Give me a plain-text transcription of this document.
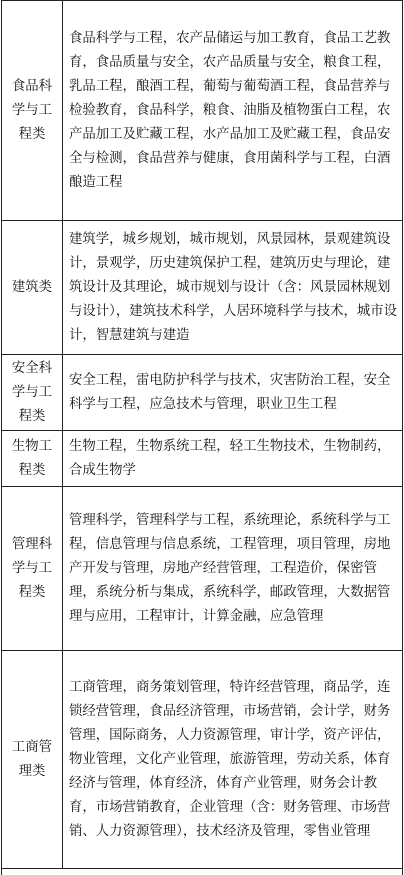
食品科学与工程类	食品科学与工程，农产品储运与加工教育，食品工艺教育，食品质量与安全，农产品质量与安全，粮食工程，乳品工程，酿酒工程，葡萄与葡萄酒工程，食品营养与检验教育，食品科学，粮食、油脂及植物蛋白工程，农产品加工及贮藏工程，水产品加工及贮藏工程，食品安全与检测，食品营养与健康，食用菌科学与工程，白酒酿造工程

建筑类	建筑学，城乡规划，城市规划，风景园林，景观建筑设计，景观学，历史建筑保护工程，建筑历史与理论，建筑设计及其理论，城市规划与设计（含：风景园林规划与设计），建筑技术科学，人居环境科学与技术，城市设计，智慧建筑与建造

安全科学与工程类	安全工程，雷电防护科学与技术，灾害防治工程，安全科学与工程，应急技术与管理，职业卫生工程

生物工程类	生物工程，生物系统工程，轻工生物技术，生物制药，合成生物学

管理科学与工程类	管理科学，管理科学与工程，系统理论，系统科学与工程，信息管理与信息系统，工程管理，项目管理，房地产开发与管理，房地产经营管理，工程造价，保密管理，系统分析与集成，系统科学，邮政管理，大数据管理与应用，工程审计，计算金融，应急管理

工商管理类	工商管理，商务策划管理，特许经营管理，商品学，连锁经营管理，食品经济管理，市场营销，会计学，财务管理，国际商务，人力资源管理，审计学，资产评估，物业管理，文化产业管理，旅游管理，劳动关系，体育经济与管理，体育经济，体育产业管理，财务会计教育，市场营销教育，企业管理（含：财务管理、市场营销、人力资源管理），技术经济及管理，零售业管理
